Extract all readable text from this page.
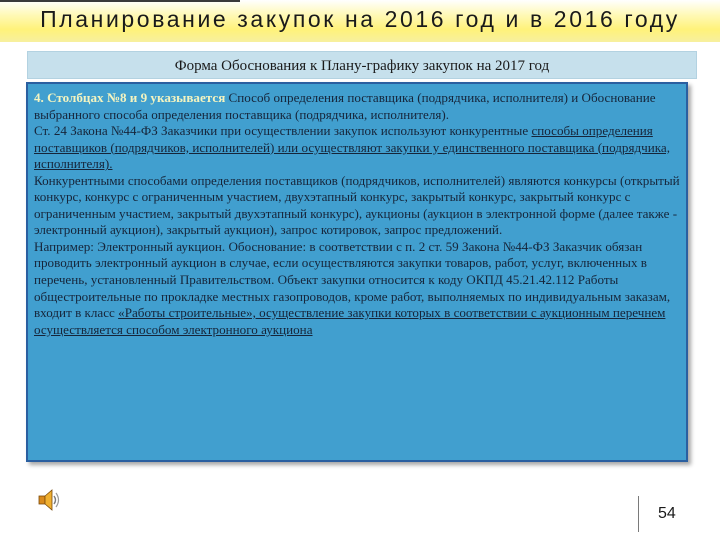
Планирование закупок на 2016 год и в 2016 году
Форма Обоснования к Плану-графику закупок на 2017 год
4. Столбцах №8 и 9 указывается Способ определения поставщика (подрядчика, исполнителя) и Обоснование выбранного способа определения поставщика (подрядчика, исполнителя).
Ст. 24 Закона №44-ФЗ Заказчики при осуществлении закупок используют конкурентные способы определения поставщиков (подрядчиков, исполнителей) или осуществляют закупки у единственного поставщика (подрядчика, исполнителя).
Конкурентными способами определения поставщиков (подрядчиков, исполнителей) являются конкурсы (открытый конкурс, конкурс с ограниченным участием, двухэтапный конкурс, закрытый конкурс, закрытый конкурс с ограниченным участием, закрытый двухэтапный конкурс), аукционы (аукцион в электронной форме (далее также - электронный аукцион), закрытый аукцион), запрос котировок, запрос предложений.
Например: Электронный аукцион. Обоснование: в соответствии с п. 2 ст. 59 Закона №44-ФЗ Заказчик обязан проводить электронный аукцион в случае, если осуществляются закупки товаров, работ, услуг, включенных в перечень, установленный Правительством. Объект закупки относится к коду ОКПД 45.21.42.112 Работы общестроительные по прокладке местных газопроводов, кроме работ, выполняемых по индивидуальным заказам, входит в класс «Работы строительные», осуществление закупки которых в соответствии с аукционным перечнем осуществляется способом электронного аукциона
54
